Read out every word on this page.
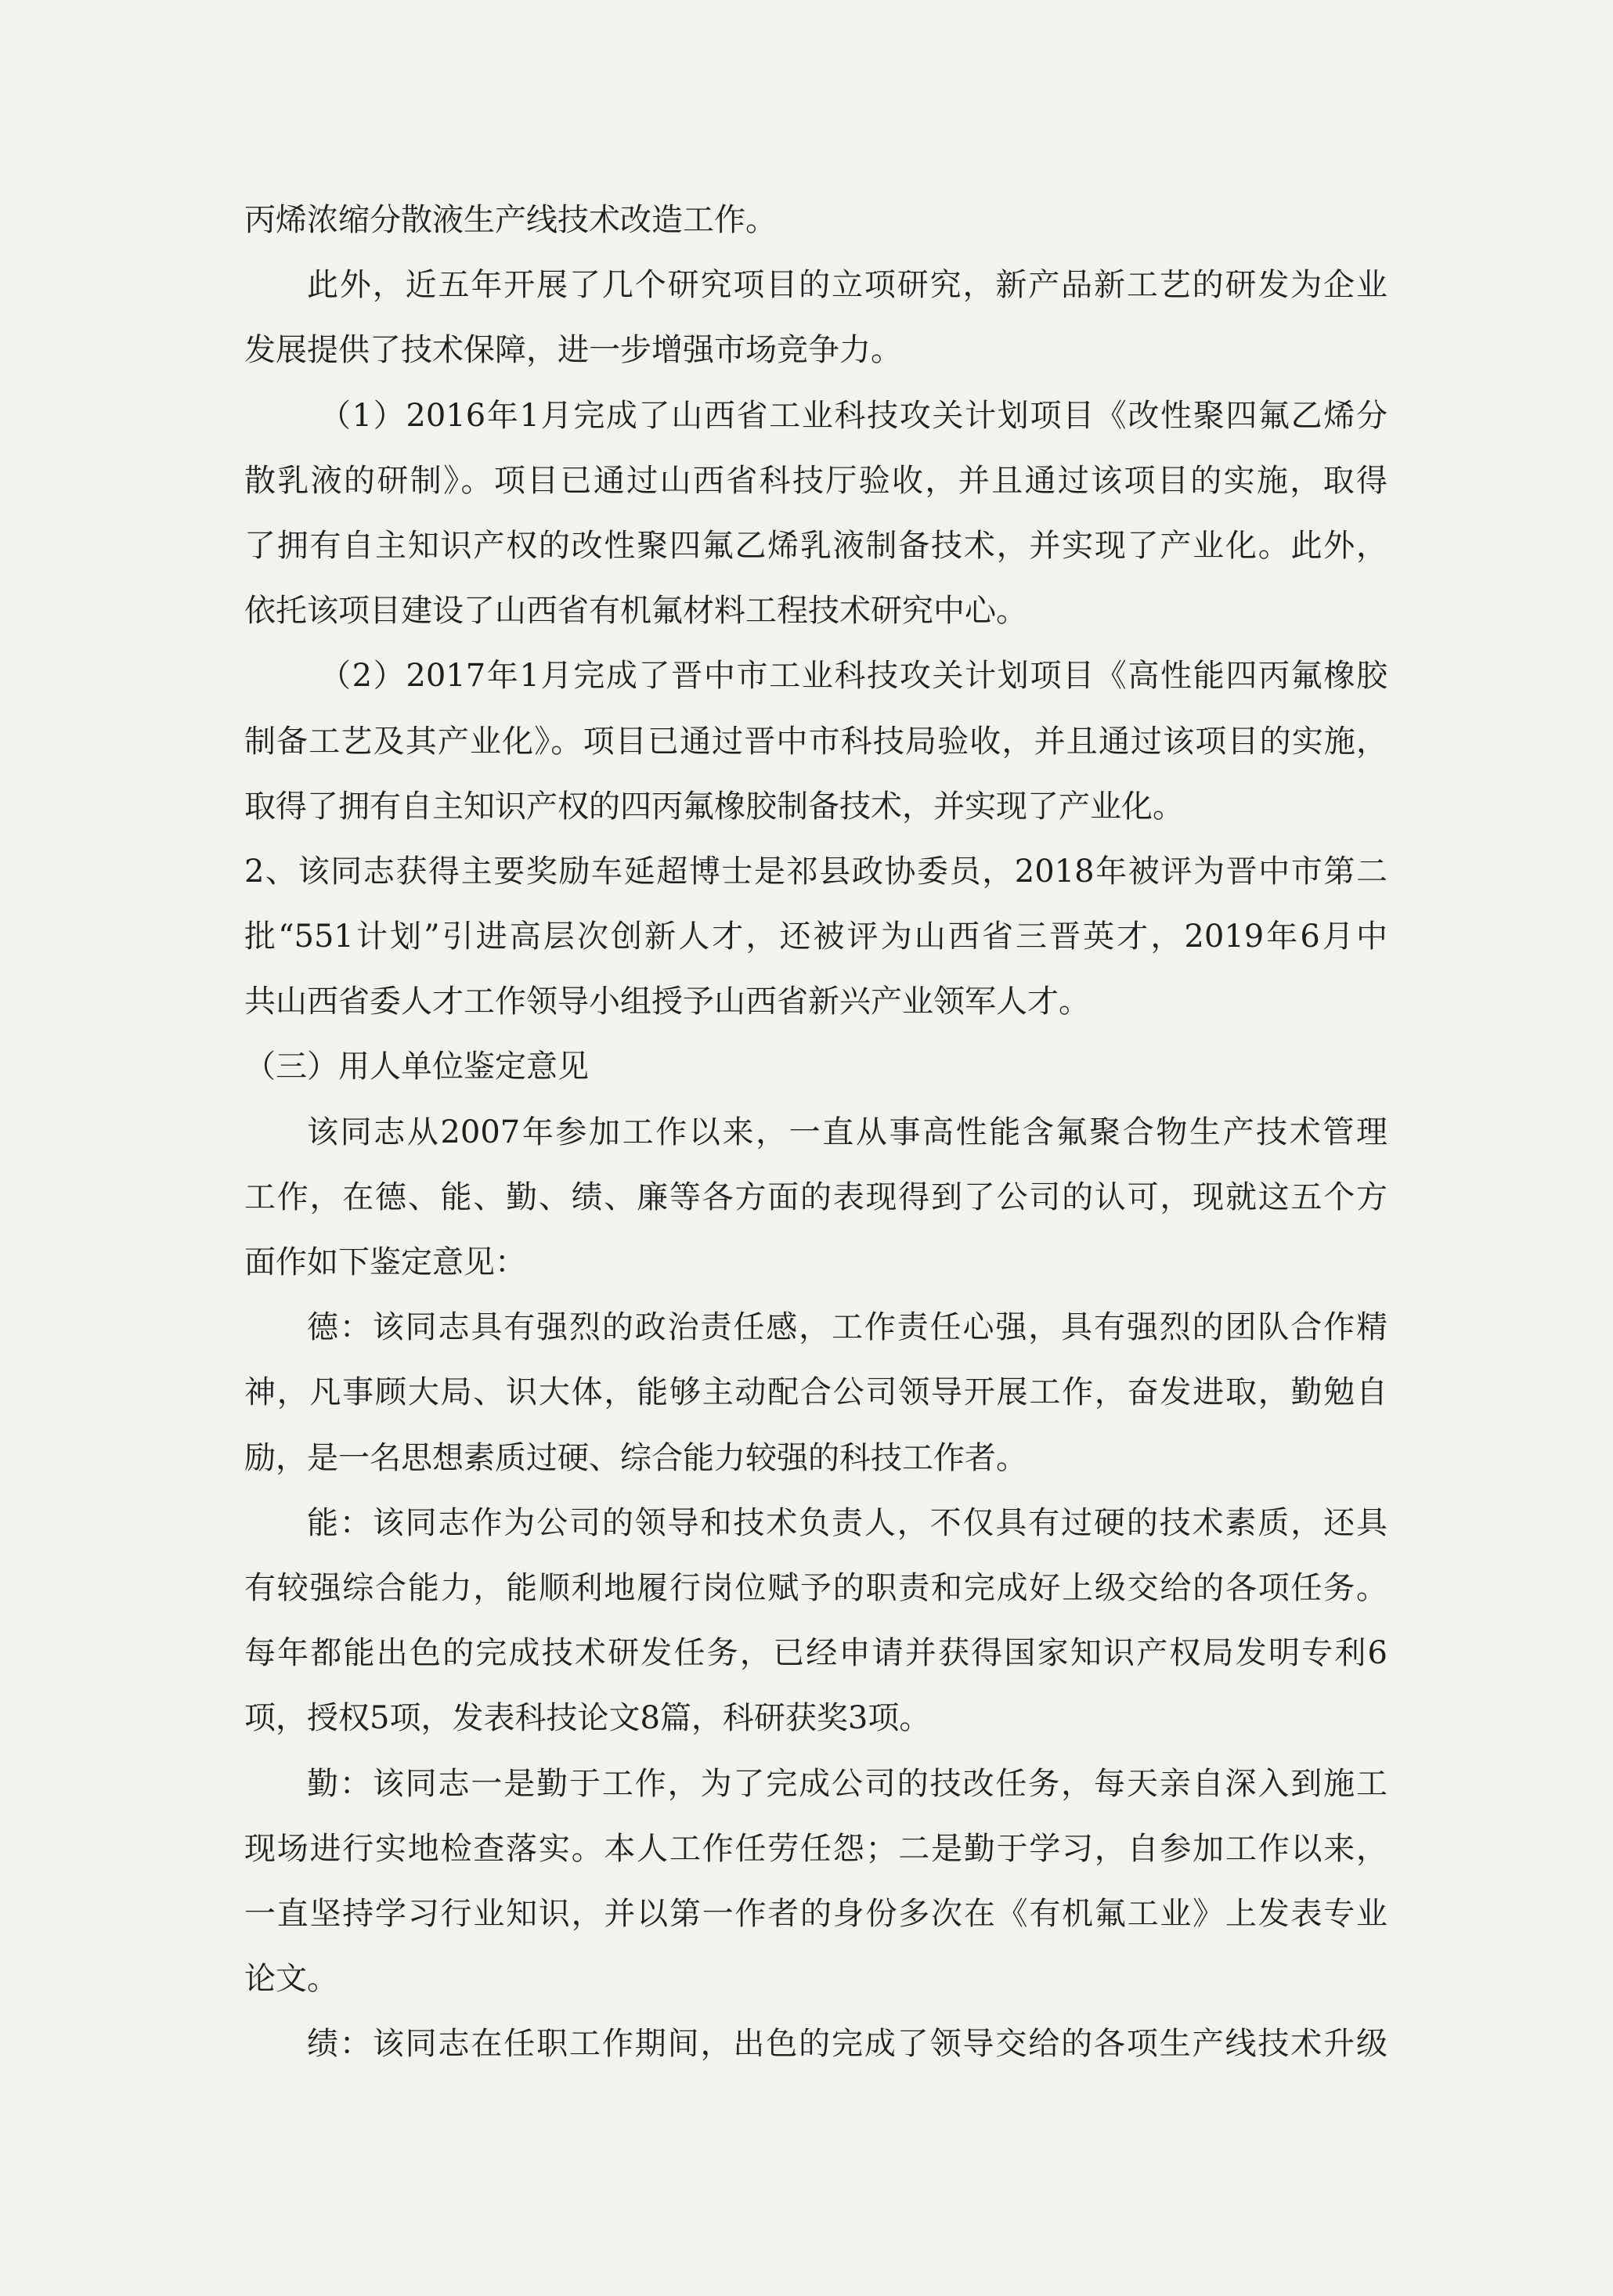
丙烯浓缩分散液生产线技术改造工作。
此外，近五年开展了几个研究项目的立项研究，新产品新工艺的研发为企业
发展提供了技术保障，进一步增强市场竞争力。
（1）2016年1月完成了山西省工业科技攻关计划项目《改性聚四氟乙烯分
散乳液的研制》。项目已通过山西省科技厅验收，并且通过该项目的实施，取得
了拥有自主知识产权的改性聚四氟乙烯乳液制备技术，并实现了产业化。此外，
依托该项目建设了山西省有机氟材料工程技术研究中心。
（2）2017年1月完成了晋中市工业科技攻关计划项目《高性能四丙氟橡胶
制备工艺及其产业化》。项目已通过晋中市科技局验收，并且通过该项目的实施，
取得了拥有自主知识产权的四丙氟橡胶制备技术，并实现了产业化。
2、该同志获得主要奖励车延超博士是祁县政协委员，2018年被评为晋中市第二
批“551计划”引进高层次创新人才，还被评为山西省三晋英才，2019年6月中
共山西省委人才工作领导小组授予山西省新兴产业领军人才。
（三）用人单位鉴定意见
该同志从2007年参加工作以来，一直从事高性能含氟聚合物生产技术管理
工作，在德、能、勤、绩、廉等各方面的表现得到了公司的认可，现就这五个方
面作如下鉴定意见：
德：该同志具有强烈的政治责任感，工作责任心强，具有强烈的团队合作精
神，凡事顾大局、识大体，能够主动配合公司领导开展工作，奋发进取，勤勉自
励，是一名思想素质过硬、综合能力较强的科技工作者。
能：该同志作为公司的领导和技术负责人，不仅具有过硬的技术素质，还具
有较强综合能力，能顺利地履行岗位赋予的职责和完成好上级交给的各项任务。
每年都能出色的完成技术研发任务，已经申请并获得国家知识产权局发明专利6
项，授权5项，发表科技论文8篇，科研获奖3项。
勤：该同志一是勤于工作，为了完成公司的技改任务，每天亲自深入到施工
现场进行实地检查落实。本人工作任劳任怨；二是勤于学习，自参加工作以来，
一直坚持学习行业知识，并以第一作者的身份多次在《有机氟工业》上发表专业
论文。
绩：该同志在任职工作期间，出色的完成了领导交给的各项生产线技术升级
